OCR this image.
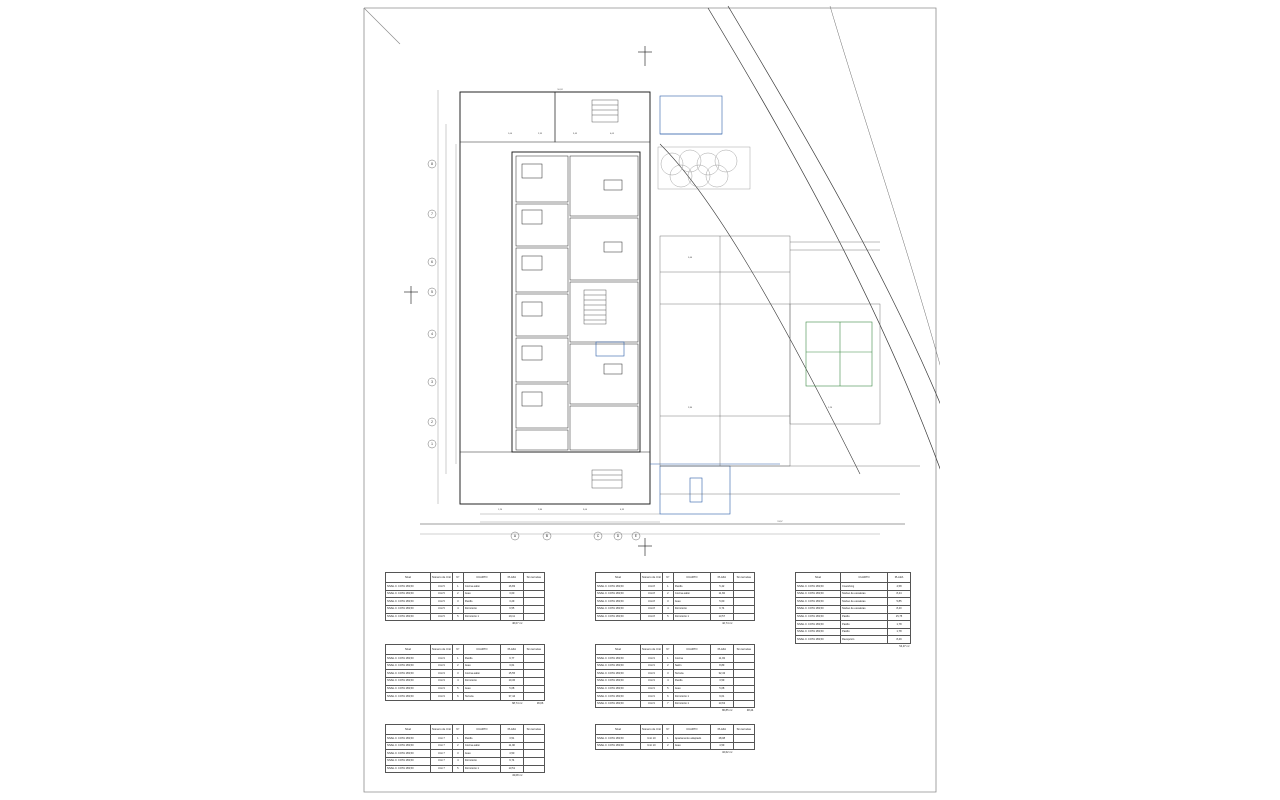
8
7
6
5
4
3
2
1
A	B	C	D	E
10,24
1,00	2,35	3,45	4,05
1,20	2,80	3,00	6,35
5,60
2,80	1,20
13,57
Nivel	Número de Unit	Nº	CUARTO	PLAZA	Sin terrazas
NIVEL 0. COTA 183,50	Unit 5	1	Cocina-salón	16,83	
NIVEL 0. COTA 183,50	Unit 5	2	Aseo	3,60	
NIVEL 0. COTA 183,50	Unit 5	3	Pasillo	3,29	
NIVEL 0. COTA 183,50	Unit 5	4	Dormitorio	9,55	
NIVEL 0. COTA 183,50	Unit 5	5	Dormitorio 1	19,11	
				46,07 m²	
Nivel	Número de Unit	Nº	CUARTO	PLAZA	Sin terrazas
NIVEL 0. COTA 183,50	Unit 9	1	Pasillo	9,77	
NIVEL 0. COTA 183,50	Unit 9	2	Aseo	3,61	
NIVEL 0. COTA 183,50	Unit 9	3	Cocina-salón	15,55	
NIVEL 0. COTA 183,50	Unit 9	4	Dormitorio	10,36	
NIVEL 0. COTA 183,50	Unit 9	5	Aseo	5,08	
NIVEL 0. COTA 183,50	Unit 9	6	Terraza	37,44	
				68,74 m²	36,66
Nivel	Número de Unit	Nº	CUARTO	PLAZA	Sin terrazas
NIVEL 0. COTA 183,50	Unit 7	1	Pasillo	3,51	
NIVEL 0. COTA 183,50	Unit 7	2	Cocina-salón	11,90	
NIVEL 0. COTA 183,50	Unit 7	3	Aseo	4,50	
NIVEL 0. COTA 183,50	Unit 7	4	Dormitorio	9,74	
NIVEL 0. COTA 183,50	Unit 7	5	Dormitorio 1	13,51	
				43,08 m²	
Nivel	Número de Unit	Nº	CUARTO	PLAZA	Sin terrazas
NIVEL 0. COTA 183,50	Unit 8	1	Pasillo	5,42	
NIVEL 0. COTA 183,50	Unit 8	2	Cocina-salón	11,84	
NIVEL 0. COTA 183,50	Unit 8	3	Aseo	5,60	
NIVEL 0. COTA 183,50	Unit 8	4	Dormitorio	9,74	
NIVEL 0. COTA 183,50	Unit 8	5	Dormitorio 1	13,57	
				42,74 m²	
Nivel	Número de Unit	Nº	CUARTO	PLAZA	Sin terrazas
NIVEL 0. COTA 183,50	Unit 9	1	Cocina	11,93	
NIVEL 0. COTA 183,50	Unit 9	2	Salón	8,89	
NIVEL 0. COTA 183,50	Unit 9	3	Terraza	32,43	
NIVEL 0. COTA 183,50	Unit 9	4	Pasillo	3,59	
NIVEL 0. COTA 183,50	Unit 9	5	Aseo	5,08	
NIVEL 0. COTA 183,50	Unit 9	6	Dormitorio 1	9,01	
NIVEL 0. COTA 183,50	Unit 9	7	Dormitorio 1	13,63	
				80,85 m²	48,44
Nivel	Número de Unit	Nº	CUARTO	PLAZA	Sin terrazas
NIVEL 0. COTA 183,50	Unit 10	1	Apartamento adaptado	28,08	
NIVEL 0. COTA 183,50	Unit 10	2	Aseo	4,59	
				32,62 m²	
Nivel	CUARTO	PLAZA
NIVEL 0. COTA 183,50	Coworking	4,58
NIVEL 0. COTA 183,50	Núcleo de escaleras	8,44
NIVEL 0. COTA 183,50	Núcleo de escaleras	5,85
NIVEL 0. COTA 183,50	Núcleo de escaleras	8,40
NIVEL 0. COTA 183,50	Pasillo	15,75
NIVEL 0. COTA 183,50	Pasillo	1,78
NIVEL 0. COTA 183,50	Pasillo	1,78
NIVEL 0. COTA 183,50	Recepción	8,49
		54,37 m²
